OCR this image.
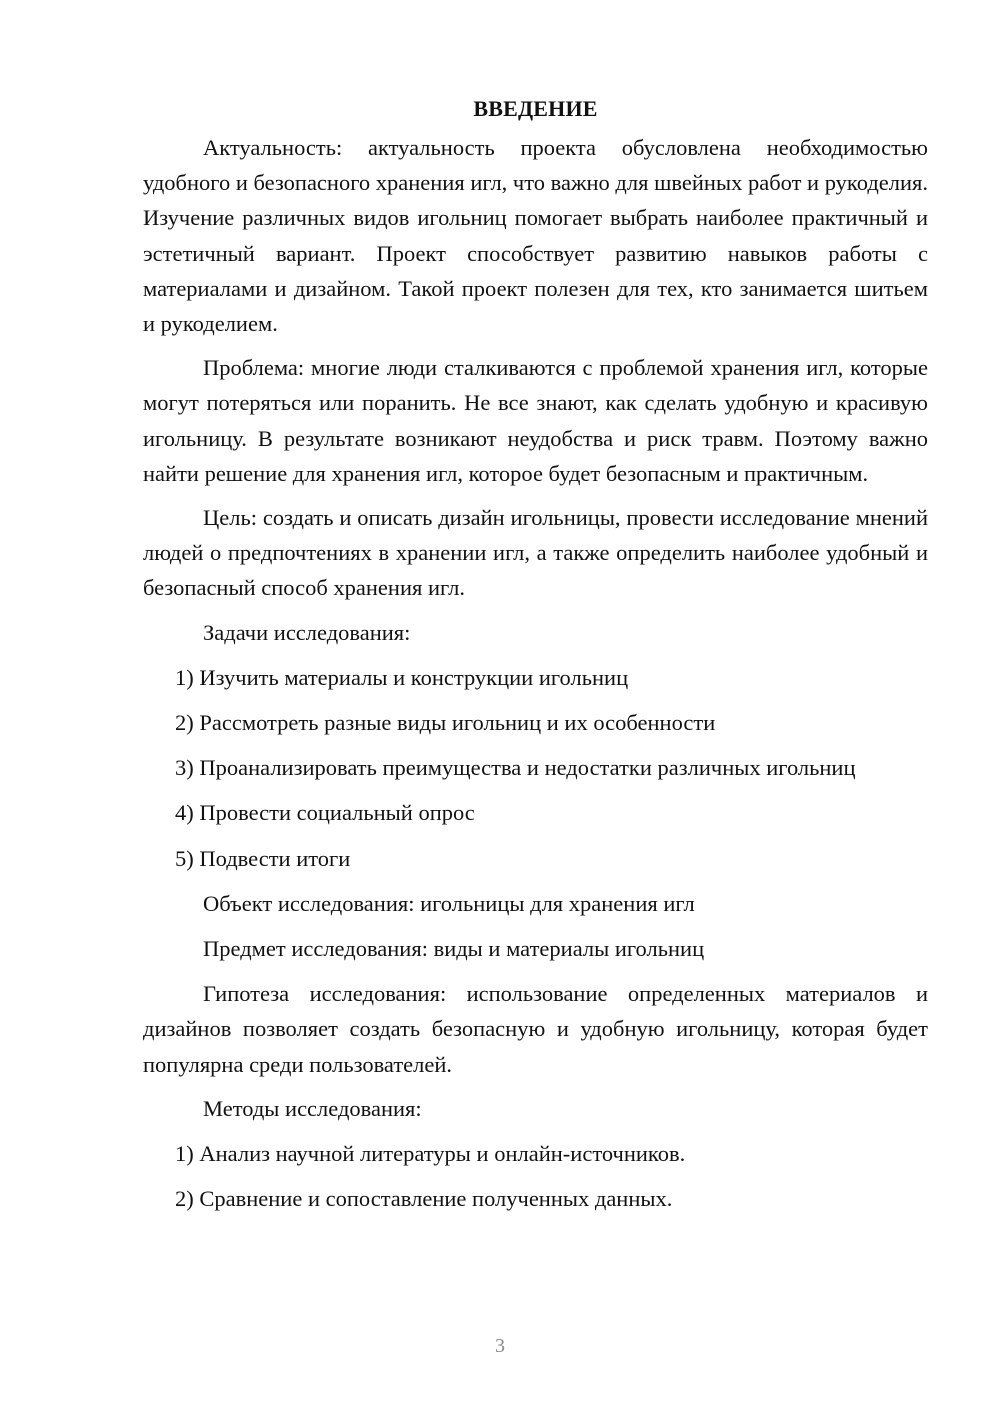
ВВЕДЕНИЕ

Актуальность: актуальность проекта обусловлена необходимостью удобного и безопасного хранения игл, что важно для швейных работ и рукоделия. Изучение различных видов игольниц помогает выбрать наиболее практичный и эстетичный вариант. Проект способствует развитию навыков работы с материалами и дизайном. Такой проект полезен для тех, кто занимается шитьем и рукоделием.

Проблема: многие люди сталкиваются с проблемой хранения игл, которые могут потеряться или поранить. Не все знают, как сделать удобную и красивую игольницу. В результате возникают неудобства и риск травм. Поэтому важно найти решение для хранения игл, которое будет безопасным и практичным.

Цель: создать и описать дизайн игольницы, провести исследование мнений людей о предпочтениях в хранении игл, а также определить наиболее удобный и безопасный способ хранения игл.

Задачи исследования:
1) Изучить материалы и конструкции игольниц
2) Рассмотреть разные виды игольниц и их особенности

3) Проанализировать преимущества и недостатки различных игольниц

4) Провести социальный опрос
5) Подвести итоги
Объект исследования: игольницы для хранения игл
Предмет исследования: виды и материалы игольниц

Гипотеза исследования: использование определенных материалов и дизайнов позволяет создать безопасную и удобную игольницу, которая будет популярна среди пользователей.

Методы исследования:
1) Анализ научной литературы и онлайн-источников.
2) Сравнение и сопоставление полученных данных.
3
